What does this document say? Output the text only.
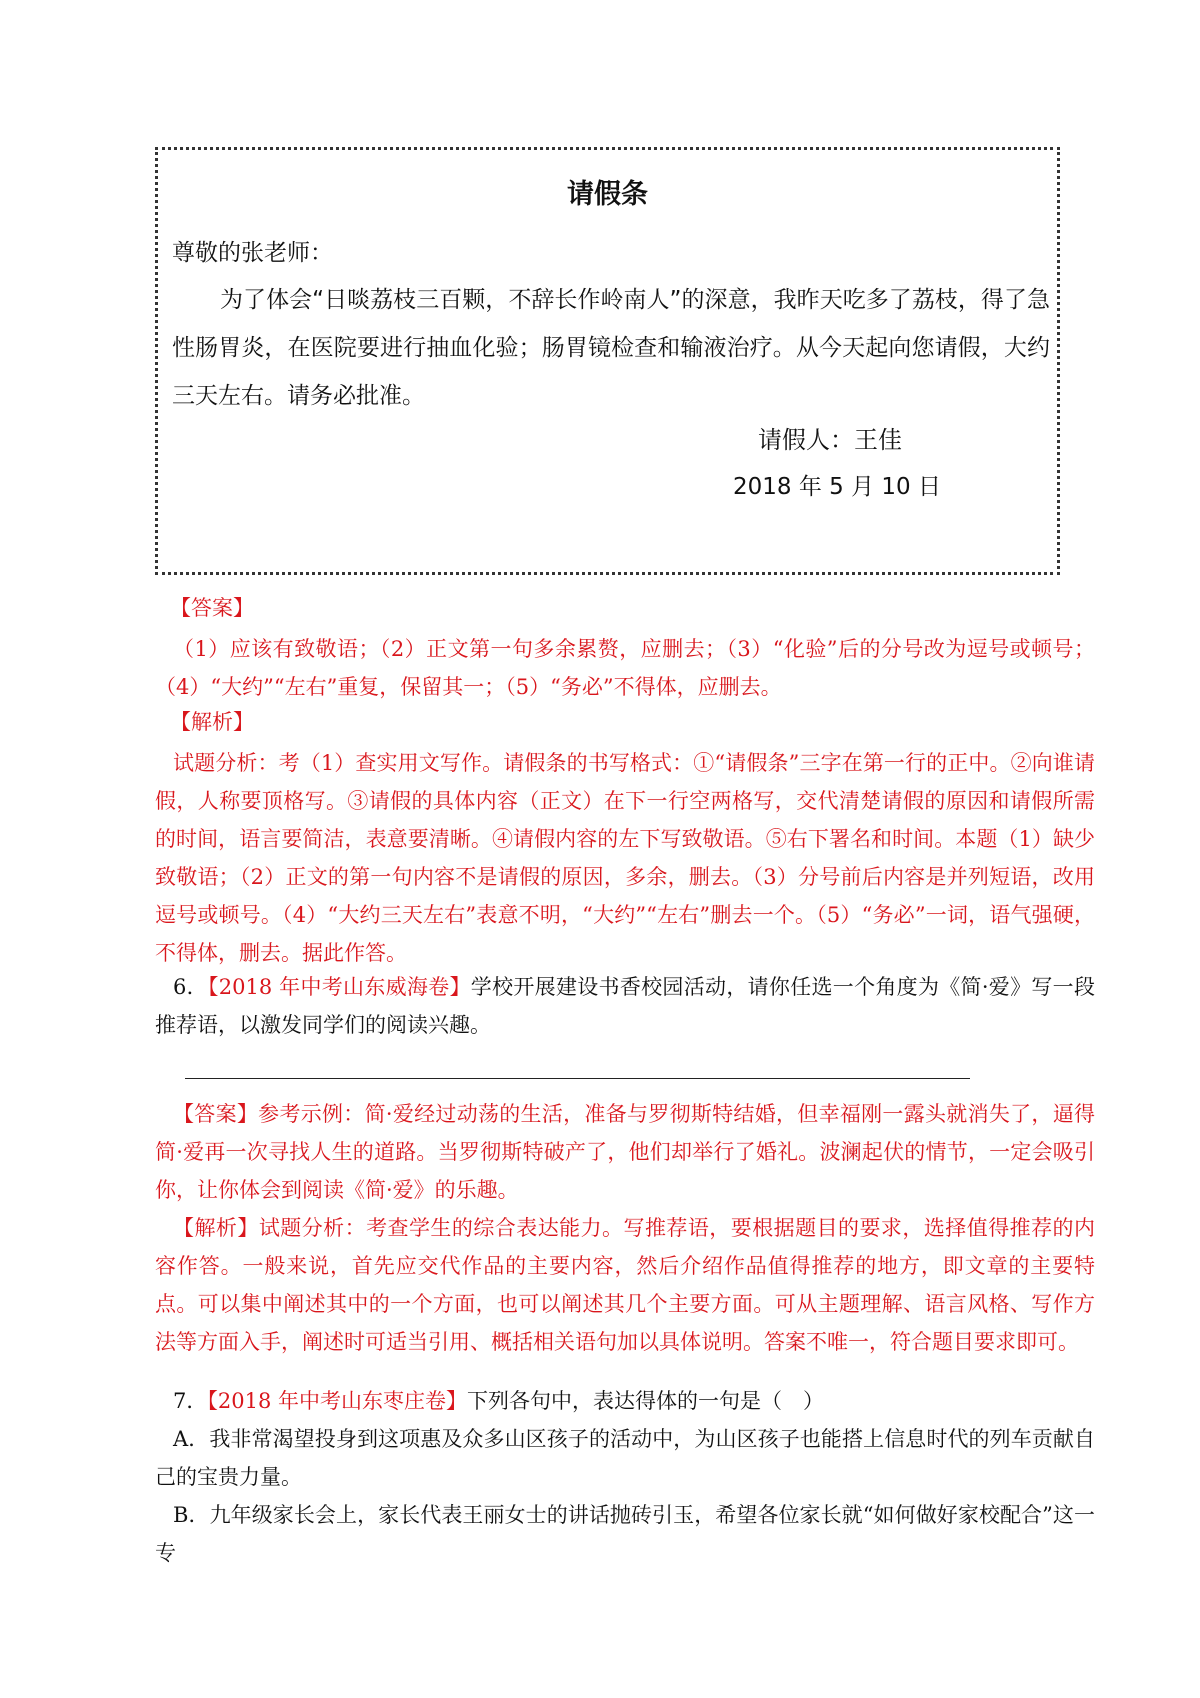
请假条
尊敬的张老师：
为了体会“日啖荔枝三百颗，不辞长作岭南人”的深意，我昨天吃多了荔枝，得了急性肠胃炎，在医院要进行抽血化验；肠胃镜检查和输液治疗。从今天起向您请假，大约三天左右。请务必批准。
请假人：王佳
2018 年 5 月 10 日
【答案】
（1）应该有致敬语；（2）正文第一句多余累赘，应删去；（3）“化验”后的分号改为逗号或顿号；（4）“大约”“左右”重复，保留其一；（5）“务必”不得体，应删去。
【解析】
试题分析：考（1）查实用文写作。请假条的书写格式：①“请假条”三字在第一行的正中。②向谁请假，人称要顶格写。③请假的具体内容（正文）在下一行空两格写，交代清楚请假的原因和请假所需的时间，语言要简洁，表意要清晰。④请假内容的左下写致敬语。⑤右下署名和时间。本题（1）缺少致敬语；（2）正文的第一句内容不是请假的原因，多余，删去。（3）分号前后内容是并列短语，改用逗号或顿号。（4）“大约三天左右”表意不明，“大约”“左右”删去一个。（5）“务必”一词，语气强硬，不得体，删去。据此作答。
6．【2018 年中考山东威海卷】学校开展建设书香校园活动，请你任选一个角度为《简·爱》写一段推荐语，以激发同学们的阅读兴趣。
【答案】参考示例：简·爱经过动荡的生活，准备与罗彻斯特结婚，但幸福刚一露头就消失了，逼得简·爱再一次寻找人生的道路。当罗彻斯特破产了，他们却举行了婚礼。波澜起伏的情节，一定会吸引你，让你体会到阅读《简·爱》的乐趣。
【解析】试题分析：考查学生的综合表达能力。写推荐语，要根据题目的要求，选择值得推荐的内容作答。一般来说，首先应交代作品的主要内容，然后介绍作品值得推荐的地方，即文章的主要特点。可以集中阐述其中的一个方面，也可以阐述其几个主要方面。可从主题理解、语言风格、写作方法等方面入手，阐述时可适当引用、概括相关语句加以具体说明。答案不唯一，符合题目要求即可。
7．【2018 年中考山东枣庄卷】下列各句中，表达得体的一句是（　）
A．我非常渴望投身到这项惠及众多山区孩子的活动中，为山区孩子也能搭上信息时代的列车贡献自己的宝贵力量。
B．九年级家长会上，家长代表王丽女士的讲话抛砖引玉，希望各位家长就“如何做好家校配合”这一专
